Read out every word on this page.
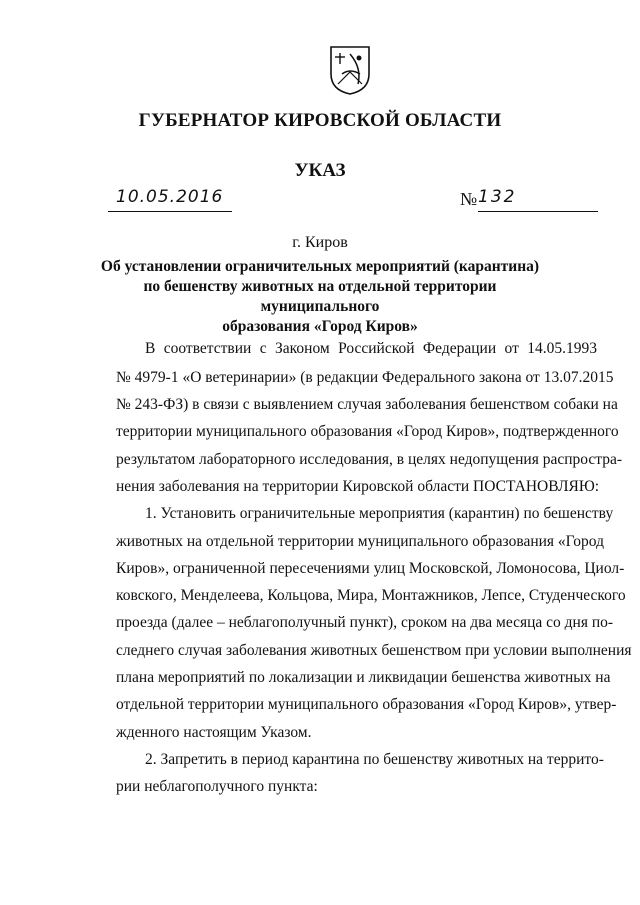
ГУБЕРНАТОР КИРОВСКОЙ ОБЛАСТИ
УКАЗ
10.05.2016	№ 132
г. Киров
Об установлении ограничительных мероприятий (карантина)
по бешенству животных на отдельной территории муниципального
образования «Город Киров»
В соответствии с Законом Российской Федерации от 14.05.1993
№ 4979-1 «О ветеринарии» (в редакции Федерального закона от 13.07.2015
№ 243-ФЗ) в связи с выявлением случая заболевания бешенством собаки на
территории муниципального образования «Город Киров», подтвержденного
результатом лабораторного исследования, в целях недопущения распростра-
нения заболевания на территории Кировской области ПОСТАНОВЛЯЮ:
1. Установить ограничительные мероприятия (карантин) по бешенству
животных на отдельной территории муниципального образования «Город
Киров», ограниченной пересечениями улиц Московской, Ломоносова, Циол-
ковского, Менделеева, Кольцова, Мира, Монтажников, Лепсе, Студенческого
проезда (далее – неблагополучный пункт), сроком на два месяца со дня по-
следнего случая заболевания животных бешенством при условии выполнения
плана мероприятий по локализации и ликвидации бешенства животных на
отдельной территории муниципального образования «Город Киров», утвер-
жденного настоящим Указом.
2. Запретить в период карантина по бешенству животных на террито-
рии неблагополучного пункта:
